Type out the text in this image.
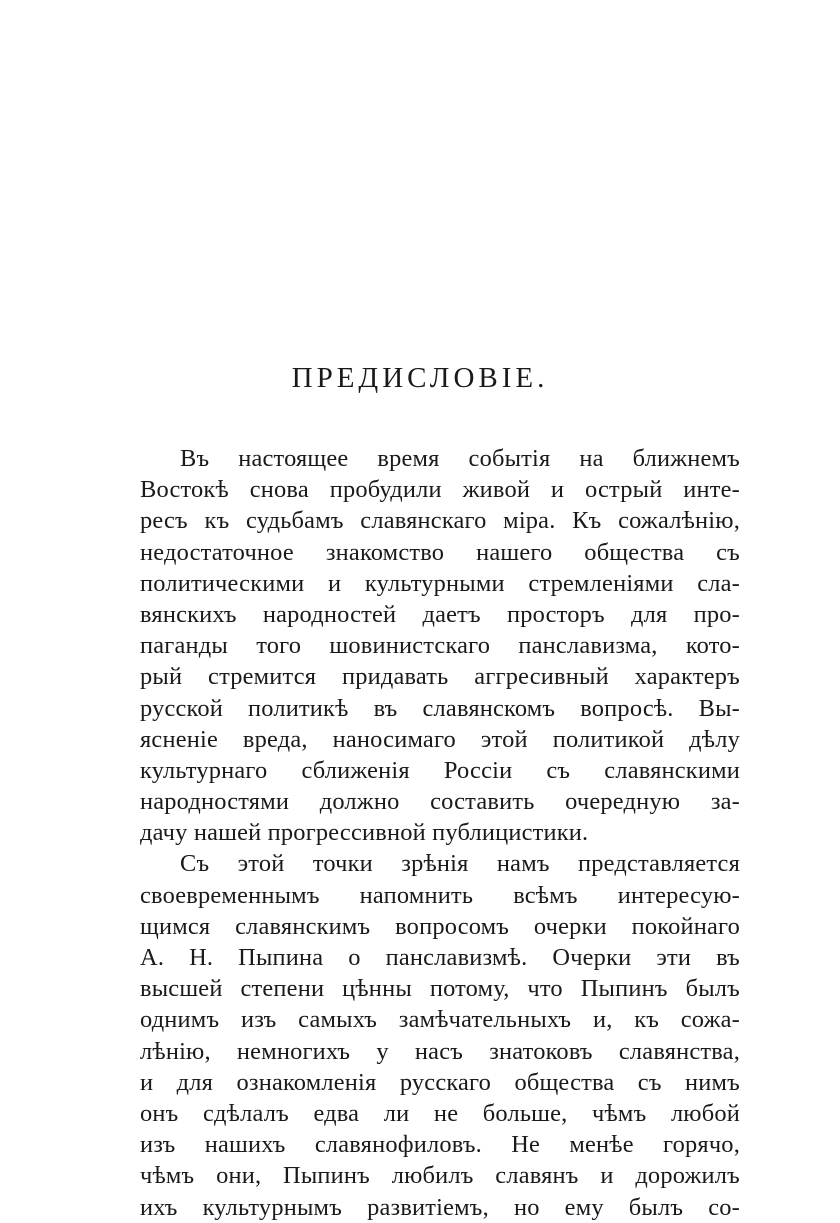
ПРЕДИСЛОВІЕ.
Въ настоящее время событія на ближнемъ
Востокѣ снова пробудили живой и острый инте-
ресъ къ судьбамъ славянскаго міра. Къ сожалѣнію,
недостаточное знакомство нашего общества съ
политическими и культурными стремленіями сла-
вянскихъ народностей даетъ просторъ для про-
паганды того шовинистскаго панславизма, кото-
рый стремится придавать аггресивный характеръ
русской политикѣ въ славянскомъ вопросѣ. Вы-
ясненіе вреда, наносимаго этой политикой дѣлу
культурнаго сближенія Россіи съ славянскими
народностями должно составить очередную за-
дачу нашей прогрессивной публицистики.
Съ этой точки зрѣнія намъ представляется
своевременнымъ напомнить всѣмъ интересую-
щимся славянскимъ вопросомъ очерки покойнаго
А. Н. Пыпина о панславизмѣ. Очерки эти въ
высшей степени цѣнны потому, что Пыпинъ былъ
однимъ изъ самыхъ замѣчательныхъ и, къ сожа-
лѣнію, немногихъ у насъ знатоковъ славянства,
и для ознакомленія русскаго общества съ нимъ
онъ сдѣлалъ едва ли не больше, чѣмъ любой
изъ нашихъ славянофиловъ. Не менѣе горячо,
чѣмъ они, Пыпинъ любилъ славянъ и дорожилъ
ихъ культурнымъ развитіемъ, но ему былъ со-
